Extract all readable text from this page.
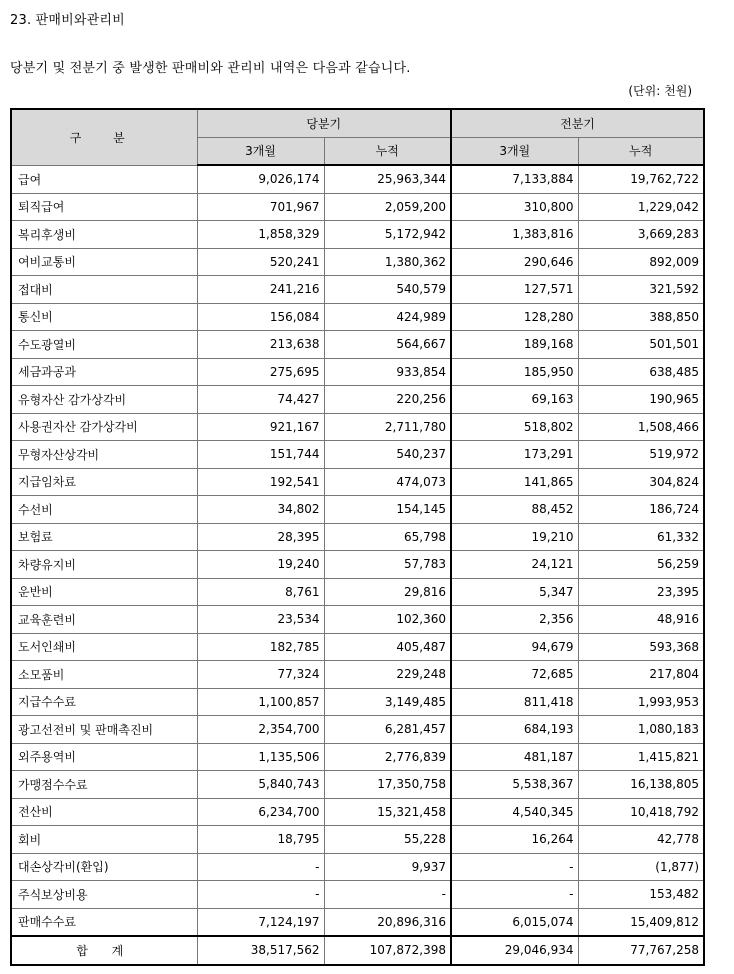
23. 판매비와관리비
당분기 및 전분기 중 발생한 판매비와 관리비 내역은 다음과 같습니다.
(단위: 천원)
구 분	당분기		전분기	
	3개월	누적	3개월	누적
급여	9,026,174	25,963,344	7,133,884	19,762,722
퇴직급여	701,967	2,059,200	310,800	1,229,042
복리후생비	1,858,329	5,172,942	1,383,816	3,669,283
여비교통비	520,241	1,380,362	290,646	892,009
접대비	241,216	540,579	127,571	321,592
통신비	156,084	424,989	128,280	388,850
수도광열비	213,638	564,667	189,168	501,501
세금과공과	275,695	933,854	185,950	638,485
유형자산 감가상각비	74,427	220,256	69,163	190,965
사용권자산 감가상각비	921,167	2,711,780	518,802	1,508,466
무형자산상각비	151,744	540,237	173,291	519,972
지급임차료	192,541	474,073	141,865	304,824
수선비	34,802	154,145	88,452	186,724
보험료	28,395	65,798	19,210	61,332
차량유지비	19,240	57,783	24,121	56,259
운반비	8,761	29,816	5,347	23,395
교육훈련비	23,534	102,360	2,356	48,916
도서인쇄비	182,785	405,487	94,679	593,368
소모품비	77,324	229,248	72,685	217,804
지급수수료	1,100,857	3,149,485	811,418	1,993,953
광고선전비 및 판매촉진비	2,354,700	6,281,457	684,193	1,080,183
외주용역비	1,135,506	2,776,839	481,187	1,415,821
가맹점수수료	5,840,743	17,350,758	5,538,367	16,138,805
전산비	6,234,700	15,321,458	4,540,345	10,418,792
회비	18,795	55,228	16,264	42,778
대손상각비(환입)	-	9,937	-	(1,877)
주식보상비용	-	-	-	153,482
판매수수료	7,124,197	20,896,316	6,015,074	15,409,812
합 계	38,517,562	107,872,398	29,046,934	77,767,258
